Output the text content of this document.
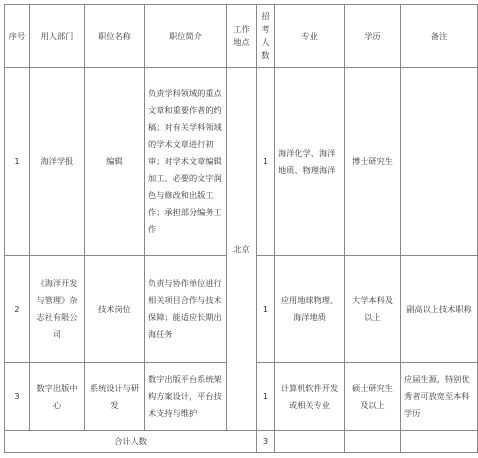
序号	用人部门	职位名称	职位简介	工作地点	招考人数	专业	学历	备注
1	海洋学报	编辑	负责学科领域的重点文章和重要作者的约稿；对有关学科领域的学术文章进行初审；对学术文章编辑加工、必要的文字润色与修改和出版工作；承担部分编务工作	北京	1	海洋化学、海洋地质、物理海洋	博士研究生	
2	《海洋开发与管理》杂志社有限公司	技术岗位	负责与协作单位进行相关项目合作与技术保障；能适应长期出海任务		1	应用地球物理、海洋地质	大学本科及以上	副高以上技术职称
3	数字出版中心	系统设计与研发	数字出版平台系统架构方案设计，平台技术支持与维护		1	计算机软件开发或相关专业	硕士研究生及以上	应届生源，特别优秀者可放宽至本科学历
合计人数					3			
